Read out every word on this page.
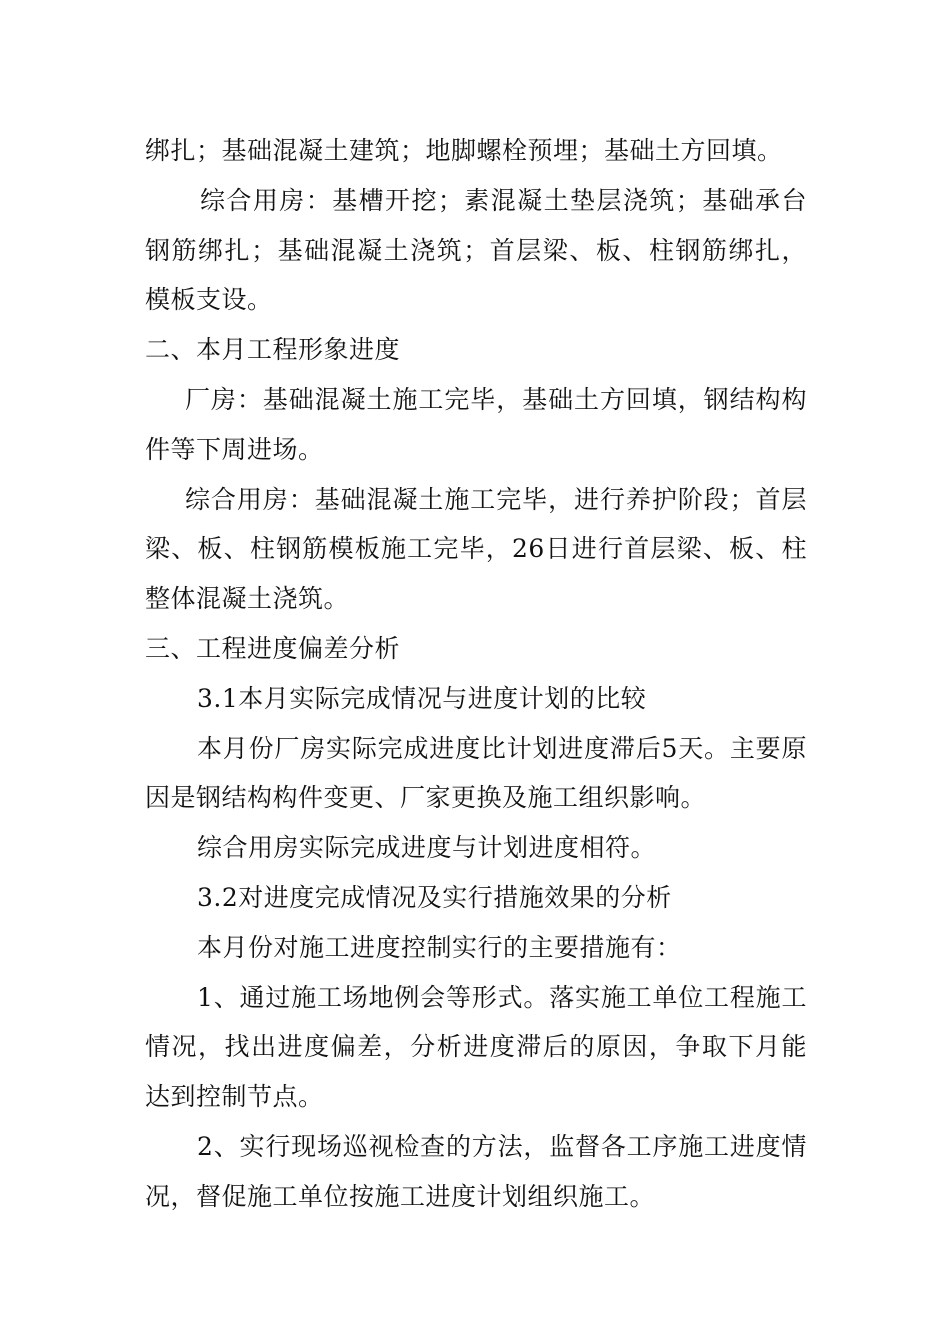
绑扎；基础混凝土建筑；地脚螺栓预埋；基础土方回填。

综合用房：基槽开挖；素混凝土垫层浇筑；基础承台钢筋绑扎；基础混凝土浇筑；首层梁、板、柱钢筋绑扎，模板支设。

二、本月工程形象进度

厂房：基础混凝土施工完毕，基础土方回填，钢结构构件等下周进场。

综合用房：基础混凝土施工完毕，进行养护阶段；首层梁、板、柱钢筋模板施工完毕，26日进行首层梁、板、柱整体混凝土浇筑。

三、工程进度偏差分析

3.1本月实际完成情况与进度计划的比较

本月份厂房实际完成进度比计划进度滞后5天。主要原因是钢结构构件变更、厂家更换及施工组织影响。

综合用房实际完成进度与计划进度相符。

3.2对进度完成情况及实行措施效果的分析

本月份对施工进度控制实行的主要措施有：

1、通过施工场地例会等形式。落实施工单位工程施工情况，找出进度偏差，分析进度滞后的原因，争取下月能达到控制节点。

2、实行现场巡视检查的方法，监督各工序施工进度情况，督促施工单位按施工进度计划组织施工。
